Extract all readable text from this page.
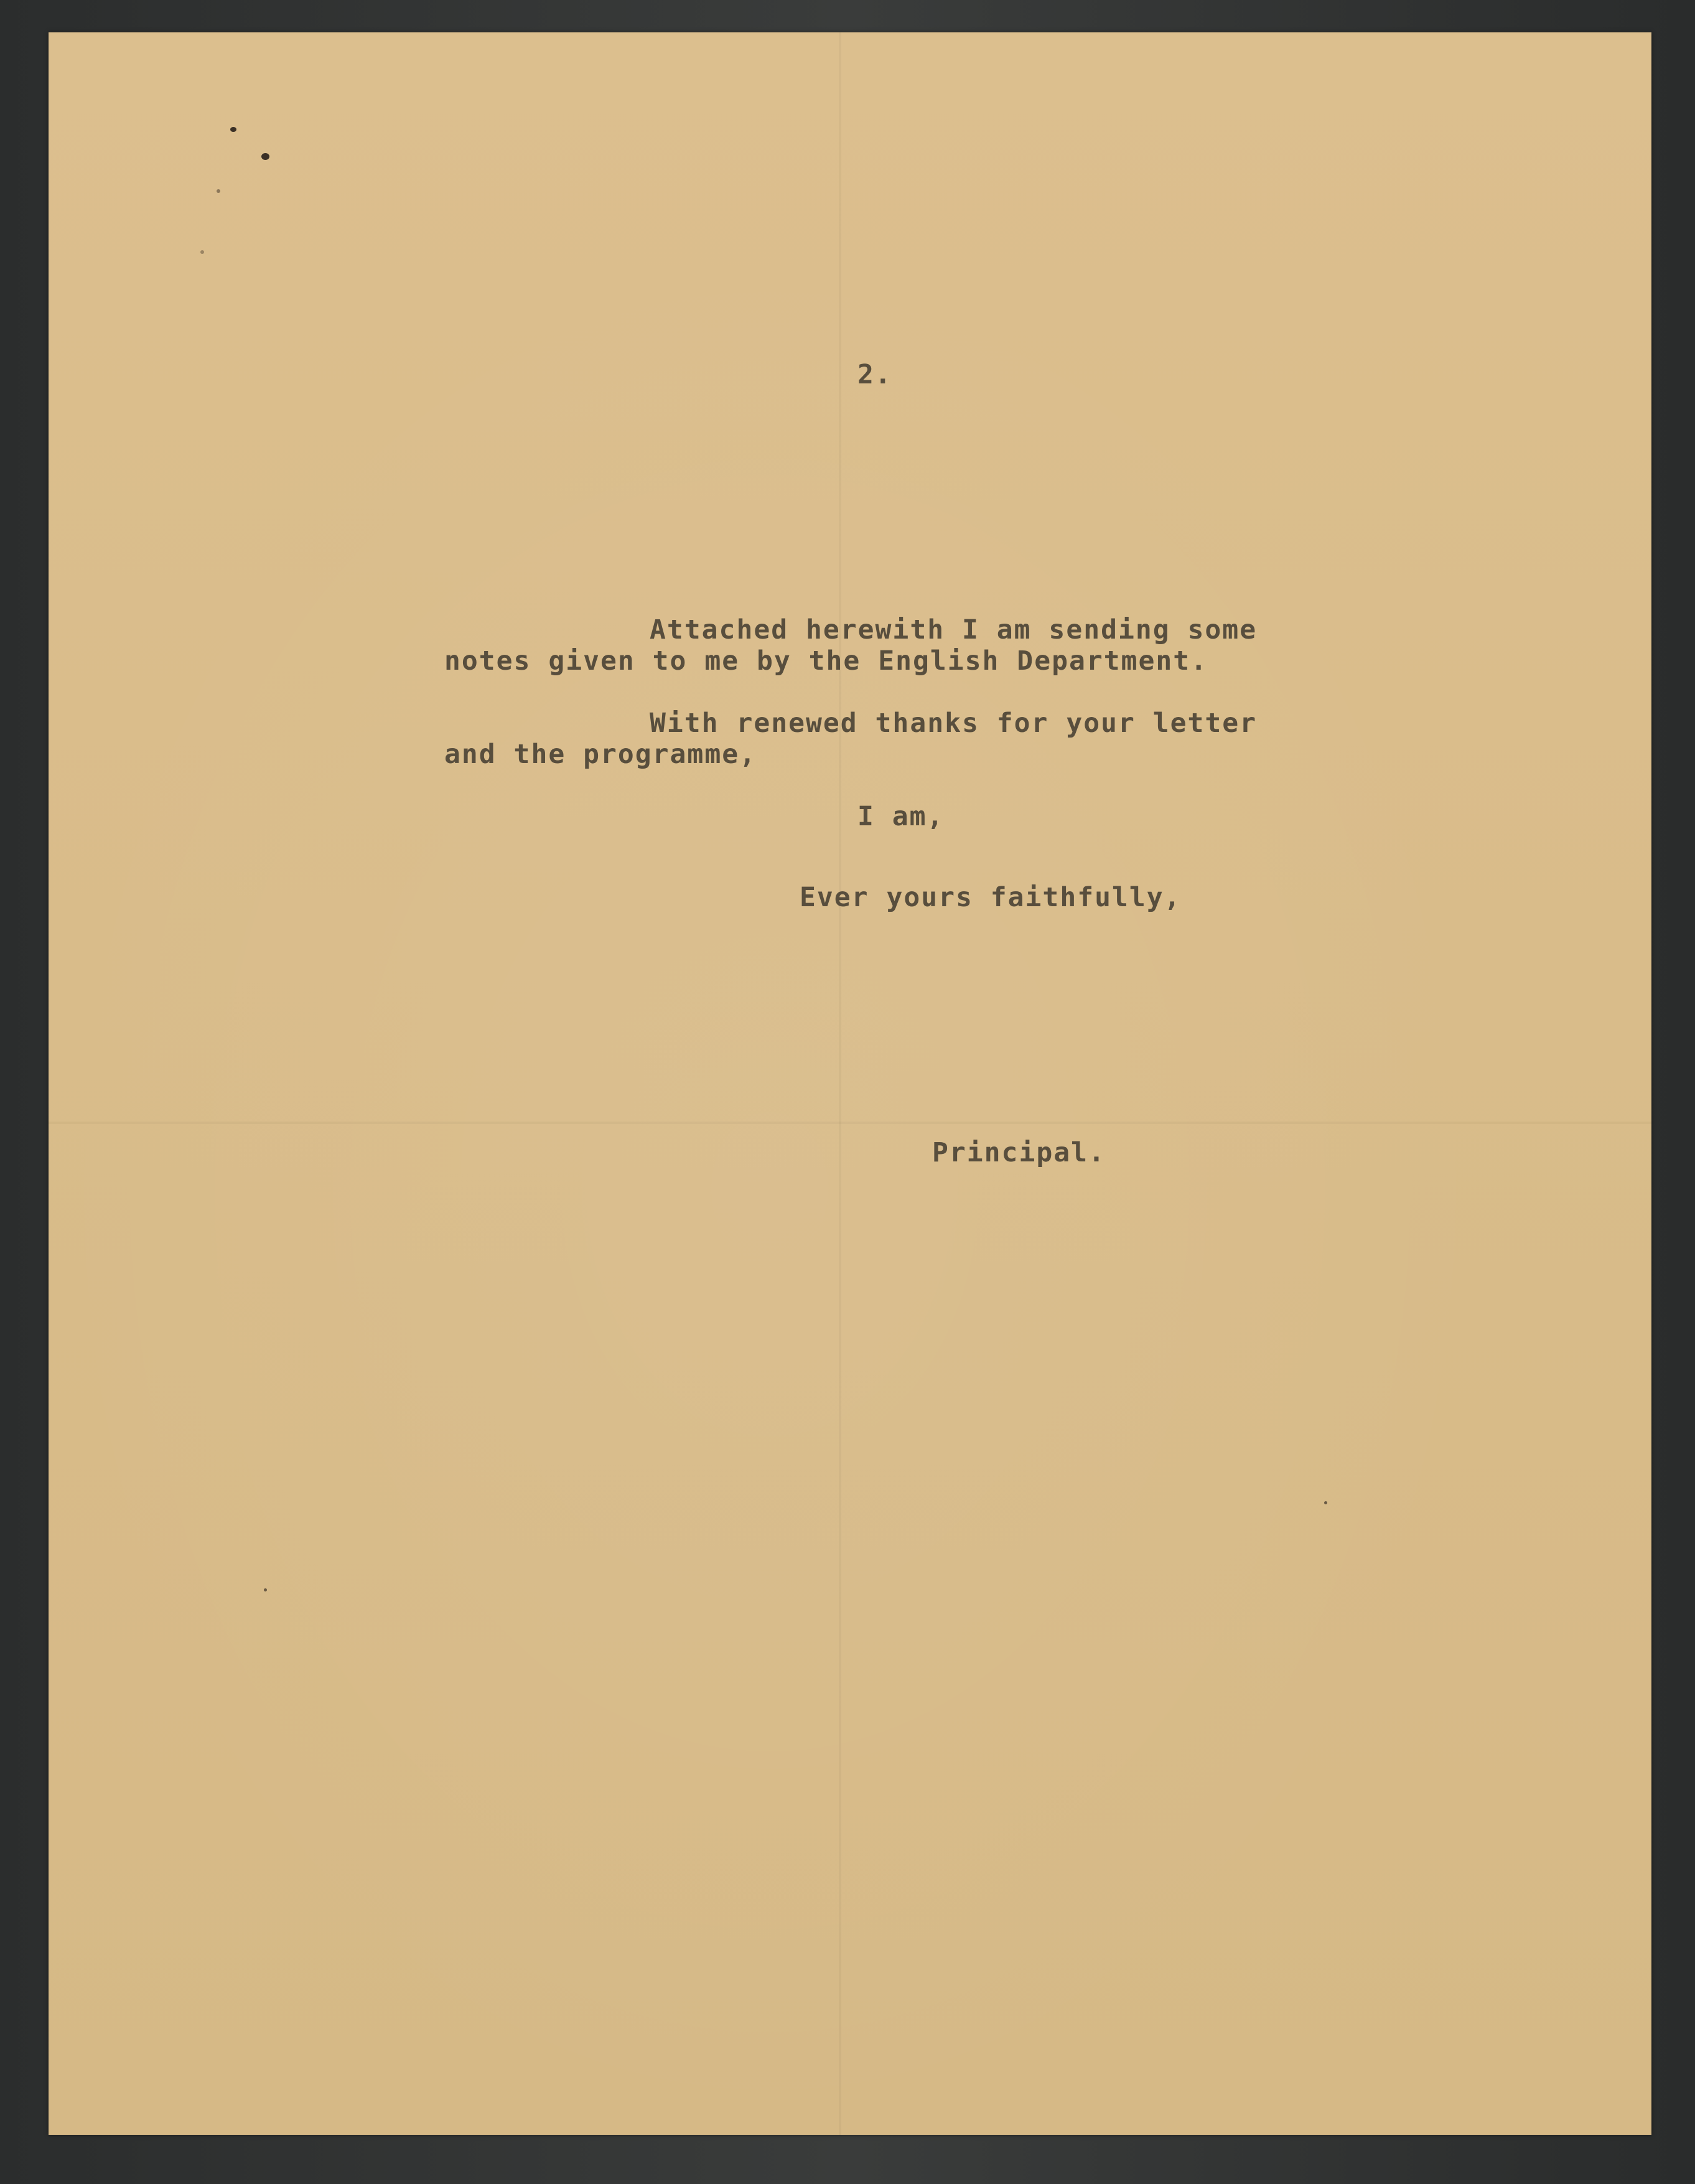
2.
Attached herewith I am sending some
notes given to me by the English Department.
With renewed thanks for your letter
and the programme,
I am,
Ever yours faithfully,
Principal.
